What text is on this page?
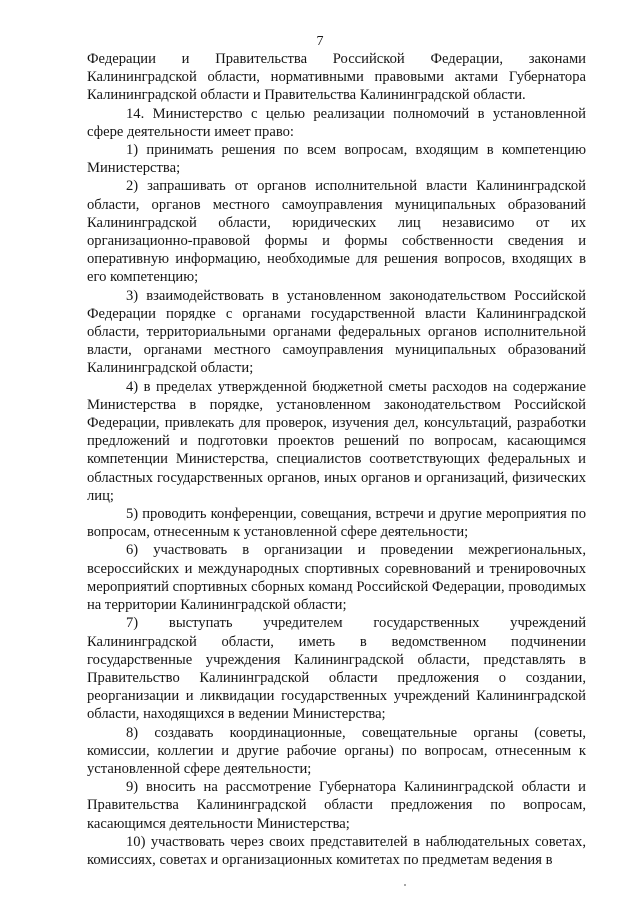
7

Федерации и Правительства Российской Федерации, законами Калининградской области, нормативными правовыми актами Губернатора Калининградской области и Правительства Калининградской области.

14. Министерство с целью реализации полномочий в установленной сфере деятельности имеет право:

1) принимать решения по всем вопросам, входящим в компетенцию Министерства;

2) запрашивать от органов исполнительной власти Калининградской области, органов местного самоуправления муниципальных образований Калининградской области, юридических лиц независимо от их организационно-правовой формы и формы собственности сведения и оперативную информацию, необходимые для решения вопросов, входящих в его компетенцию;

3) взаимодействовать в установленном законодательством Российской Федерации порядке с органами государственной власти Калининградской области, территориальными органами федеральных органов исполнительной власти, органами местного самоуправления муниципальных образований Калининградской области;

4) в пределах утвержденной бюджетной сметы расходов на содержание Министерства в порядке, установленном законодательством Российской Федерации, привлекать для проверок, изучения дел, консультаций, разработки предложений и подготовки проектов решений по вопросам, касающимся компетенции Министерства, специалистов соответствующих федеральных и областных государственных органов, иных органов и организаций, физических лиц;

5) проводить конференции, совещания, встречи и другие мероприятия по вопросам, отнесенным к установленной сфере деятельности;

6) участвовать в организации и проведении межрегиональных, всероссийских и международных спортивных соревнований и тренировочных мероприятий спортивных сборных команд Российской Федерации, проводимых на территории Калининградской области;

7) выступать учредителем государственных учреждений Калининградской области, иметь в ведомственном подчинении государственные учреждения Калининградской области, представлять в Правительство Калининградской области предложения о создании, реорганизации и ликвидации государственных учреждений Калининградской области, находящихся в ведении Министерства;

8) создавать координационные, совещательные органы (советы, комиссии, коллегии и другие рабочие органы) по вопросам, отнесенным к установленной сфере деятельности;

9) вносить на рассмотрение Губернатора Калининградской области и Правительства Калининградской области предложения по вопросам, касающимся деятельности Министерства;

10) участвовать через своих представителей в наблюдательных советах, комиссиях, советах и организационных комитетах по предметам ведения в
